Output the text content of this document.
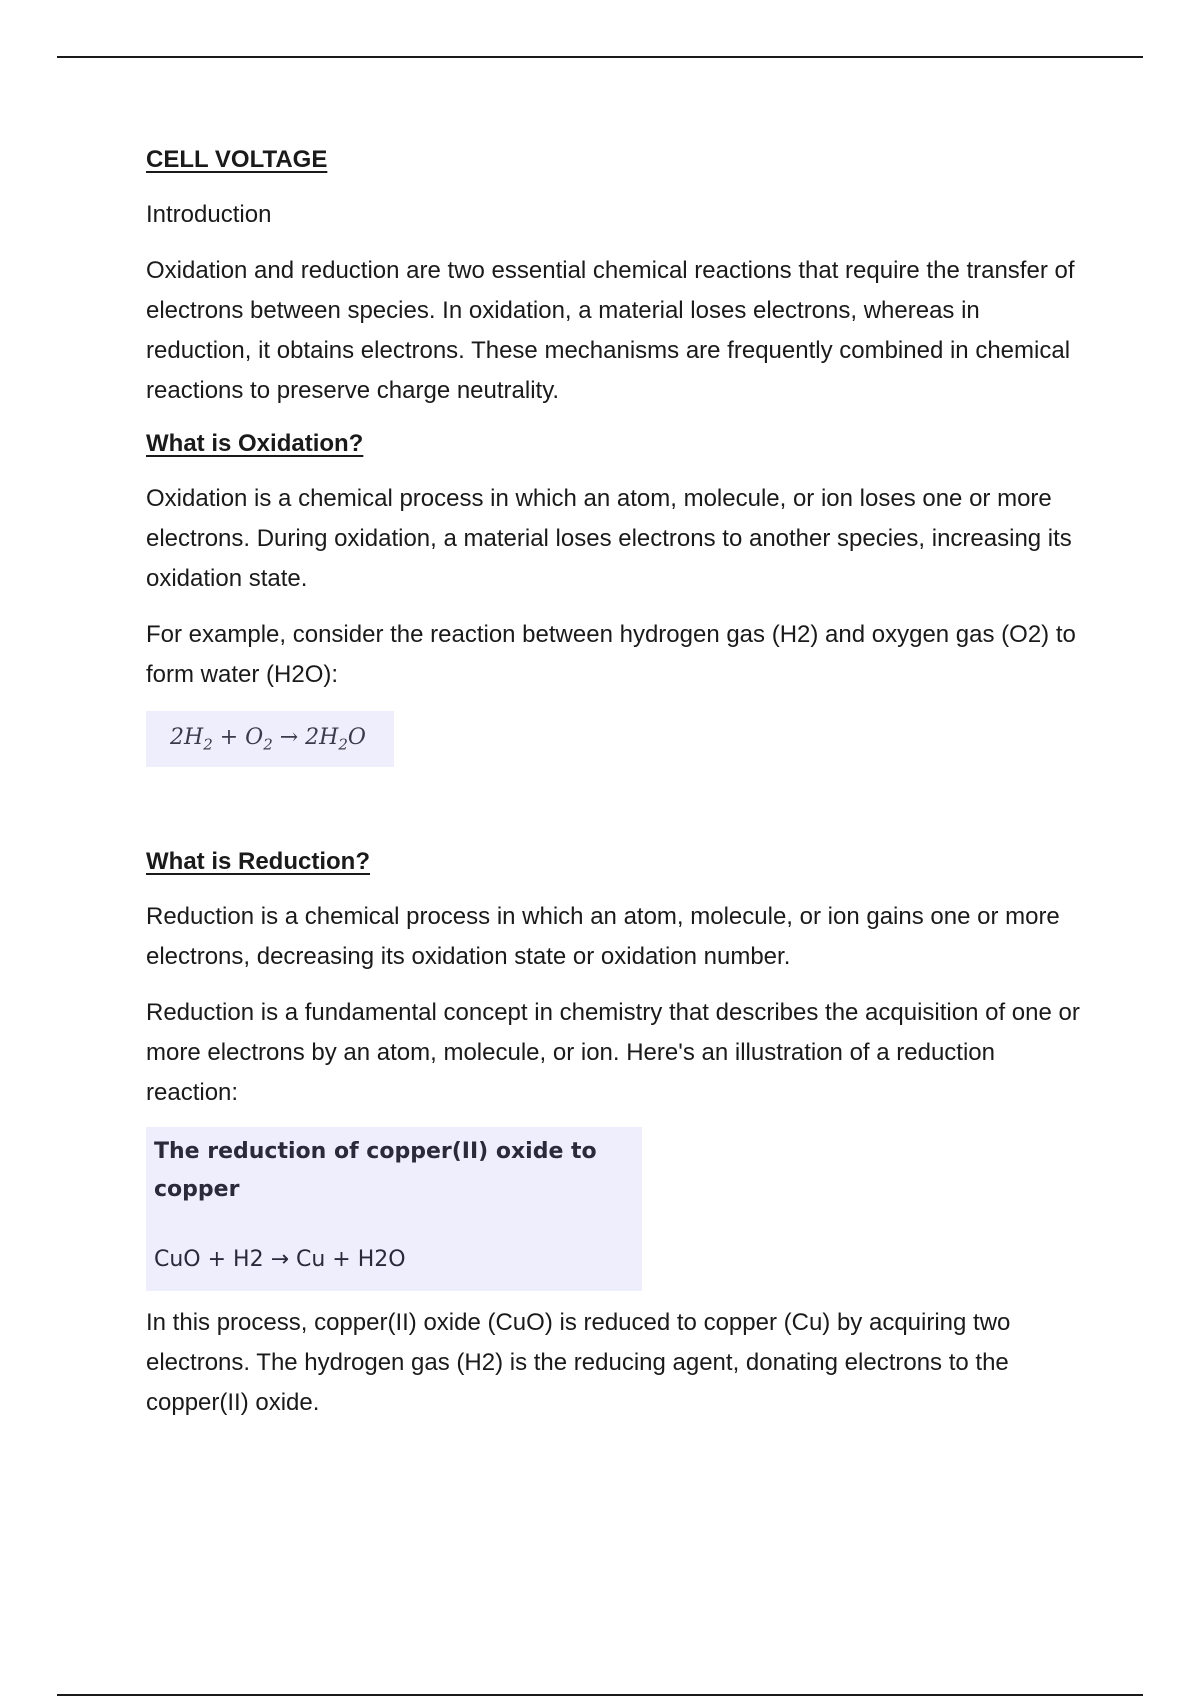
CELL VOLTAGE

Introduction

Oxidation and reduction are two essential chemical reactions that require the transfer of electrons between species. In oxidation, a material loses electrons, whereas in reduction, it obtains electrons. These mechanisms are frequently combined in chemical reactions to preserve charge neutrality.

What is Oxidation?

Oxidation is a chemical process in which an atom, molecule, or ion loses one or more electrons. During oxidation, a material loses electrons to another species, increasing its oxidation state.

For example, consider the reaction between hydrogen gas (H2) and oxygen gas (O2) to form water (H2O):

$2H_2 + O_2 \to 2H_2O$
What is Reduction?

Reduction is a chemical process in which an atom, molecule, or ion gains one or more electrons, decreasing its oxidation state or oxidation number.

Reduction is a fundamental concept in chemistry that describes the acquisition of one or more electrons by an atom, molecule, or ion. Here's an illustration of a reduction reaction:

The reduction of copper(II) oxide to copper
CuO + H2 → Cu + H2O

In this process, copper(II) oxide (CuO) is reduced to copper (Cu) by acquiring two electrons. The hydrogen gas (H2) is the reducing agent, donating electrons to the copper(II) oxide.
